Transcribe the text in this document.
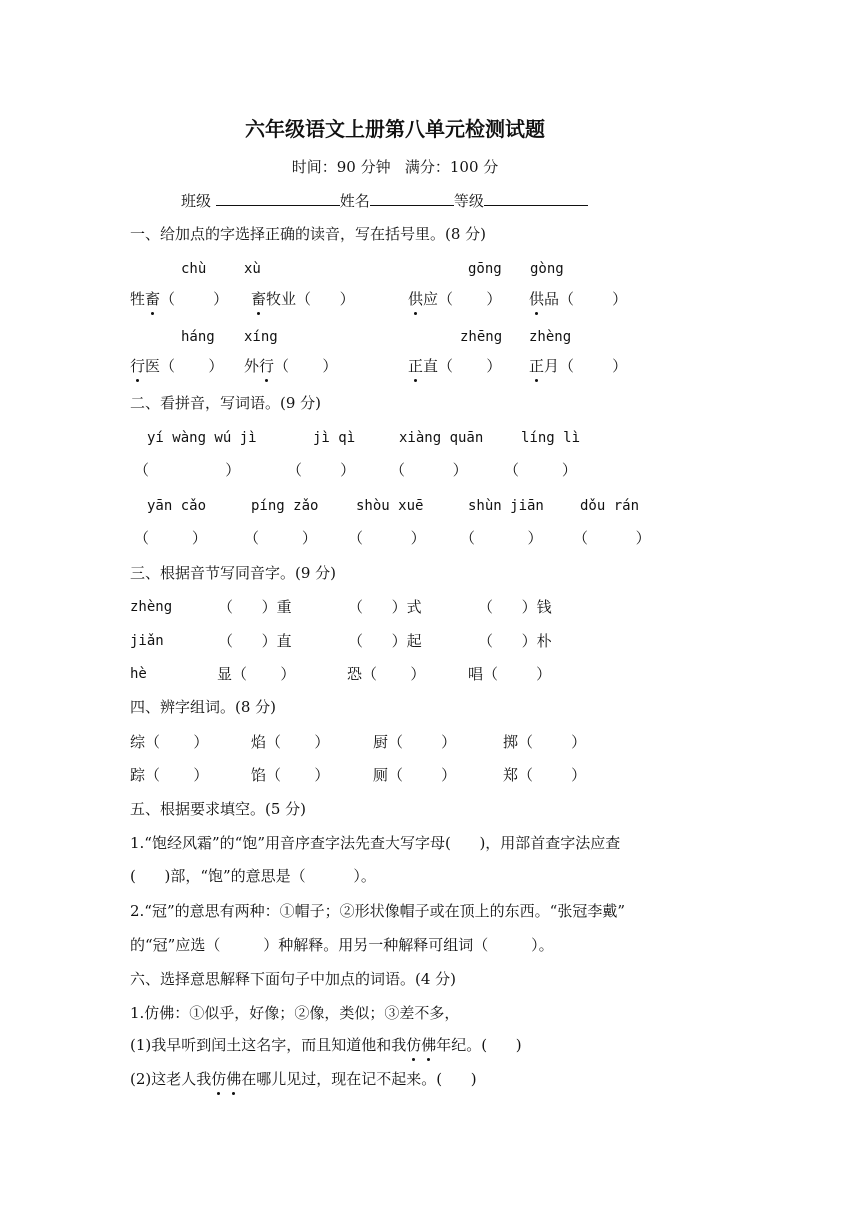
六年级语文上册第八单元检测试题
时间：90 分钟   满分：100 分
班级	姓名	等级
一、给加点的字选择正确的读音，写在括号里。(8 分)
chù	xù	gōng gòng
牲畜（        ） 畜牧业（      ）	供应（       ） 供品（        ）
háng xíng	zhēng zhèng
行医（       ） 外行（       ）	正直（       ） 正月（        ）
二、看拼音，写词语。(9 分)
yí wàng wú jì	jì qì	xiàng quān	líng lì
（                ）	（        ） （          ） （         ）
yān cǎo	píng zǎo	shòu xuē	shùn jiān	dǒu rán
（         ） （         ） （          ） （           ） （          ）
三、根据音节写同音字。(9 分)
zhèng	（      ）重	（      ）式	（      ）钱
jiǎn	（      ）直	（      ）起	（      ）朴
hè	显（       ）	恐（       ）	唱（        ）
四、辨字组词。(8 分)
综（       ）	焰（       ）	厨（        ）	掷（        ）
踪（       ）	馅（       ）	厕（        ）	郑（        ）
五、根据要求填空。(5 分)
1.“饱经风霜”的“饱”用音序查字法先查大写字母(      )，用部首查字法应查
(      )部，“饱”的意思是（          ）。
2.“冠”的意思有两种：①帽子；②形状像帽子或在顶上的东西。“张冠李戴”
的“冠”应选（         ）种解释。用另一种解释可组词（         ）。
六、选择意思解释下面句子中加点的词语。(4 分)
1.仿佛：①似乎，好像；②像，类似；③差不多，
(1)我早听到闰土这名字，而且知道他和我仿佛年纪。(      )
(2)这老人我仿佛在哪儿见过，现在记不起来。(      )
